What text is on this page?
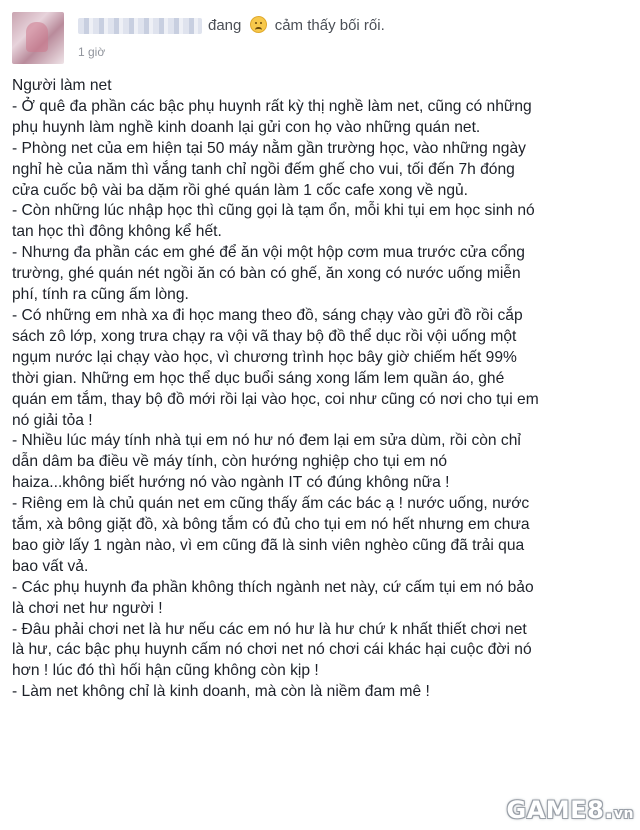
đang cảm thấy bối rối.
1 giờ

Người làm net

- Ở quê đa phần các bậc phụ huynh rất kỳ thị nghề làm net, cũng có những

phụ huynh làm nghề kinh doanh lại gửi con họ vào những quán net.

- Phòng net của em hiện tại 50 máy nằm gần trường học, vào những ngày

nghỉ hè của năm thì vắng tanh chỉ ngồi đếm ghế cho vui, tối đến 7h đóng

cửa cuốc bộ vài ba dặm rồi ghé quán làm 1 cốc cafe xong về ngủ.

- Còn những lúc nhập học thì cũng gọi là tạm ổn, mỗi khi tụi em học sinh nó

tan học thì đông không kể hết.

- Nhưng đa phần các em ghé để ăn vội một hộp cơm mua trước cửa cổng

trường, ghé quán nét ngồi ăn có bàn có ghế, ăn xong có nước uống miễn

phí, tính ra cũng ấm lòng.

- Có những em nhà xa đi học mang theo đồ, sáng chạy vào gửi đồ rồi cắp

sách zô lớp, xong trưa chạy ra vội vã thay bộ đồ thể dục rồi vội uống một

ngụm nước lại chạy vào học, vì chương trình học bây giờ chiếm hết 99%

thời gian. Những em học thể dục buổi sáng xong lấm lem quần áo, ghé

quán em tắm, thay bộ đồ mới rồi lại vào học, coi như cũng có nơi cho tụi em

nó giải tỏa !

- Nhiều lúc máy tính nhà tụi em nó hư nó đem lại em sửa dùm, rồi còn chỉ

dẫn dâm ba điều về máy tính, còn hướng nghiệp cho tụi em nó

haiza...không biết hướng nó vào ngành IT có đúng không nữa !

- Riêng em là chủ quán net em cũng thấy ấm các bác ạ ! nước uống, nước

tắm, xà bông giặt đồ, xà bông tắm có đủ cho tụi em nó hết nhưng em chưa

bao giờ lấy 1 ngàn nào, vì em cũng đã là sinh viên nghèo cũng đã trải qua

bao vất vả.

- Các phụ huynh đa phần không thích ngành net này, cứ cấm tụi em nó bảo

là chơi net hư người !

- Đâu phải chơi net là hư nếu các em nó hư là hư chứ k nhất thiết chơi net

là hư, các bậc phụ huynh cấm nó chơi net nó chơi cái khác hại cuộc đời nó

hơn ! lúc đó thì hối hận cũng không còn kịp !

- Làm net không chỉ là kinh doanh, mà còn là niềm đam mê !

GAME8.vn
